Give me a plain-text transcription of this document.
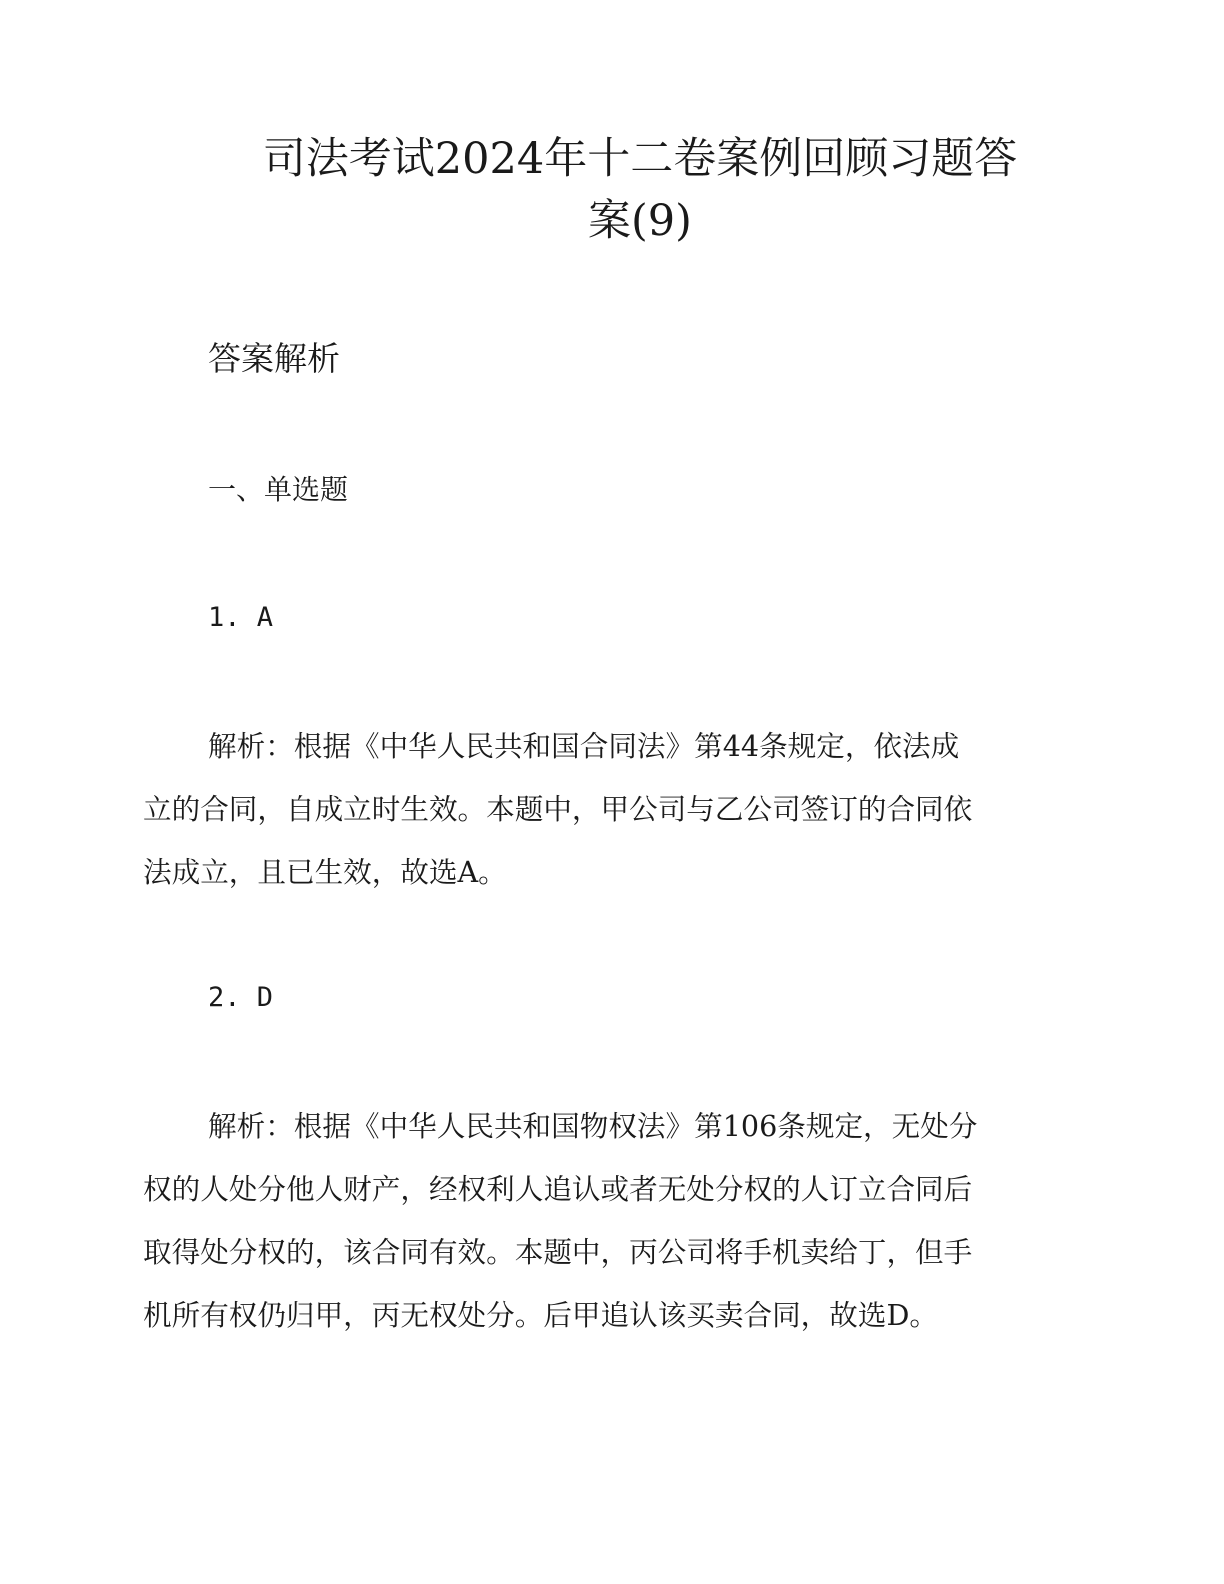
司法考试2024年十二卷案例回顾习题答
案(9)
答案解析
一、单选题
1. A
解析：根据《中华人民共和国合同法》第44条规定，依法成
立的合同，自成立时生效。本题中，甲公司与乙公司签订的合同依
法成立，且已生效，故选A。
2. D
解析：根据《中华人民共和国物权法》第106条规定，无处分
权的人处分他人财产，经权利人追认或者无处分权的人订立合同后
取得处分权的，该合同有效。本题中，丙公司将手机卖给丁，但手
机所有权仍归甲，丙无权处分。后甲追认该买卖合同，故选D。
